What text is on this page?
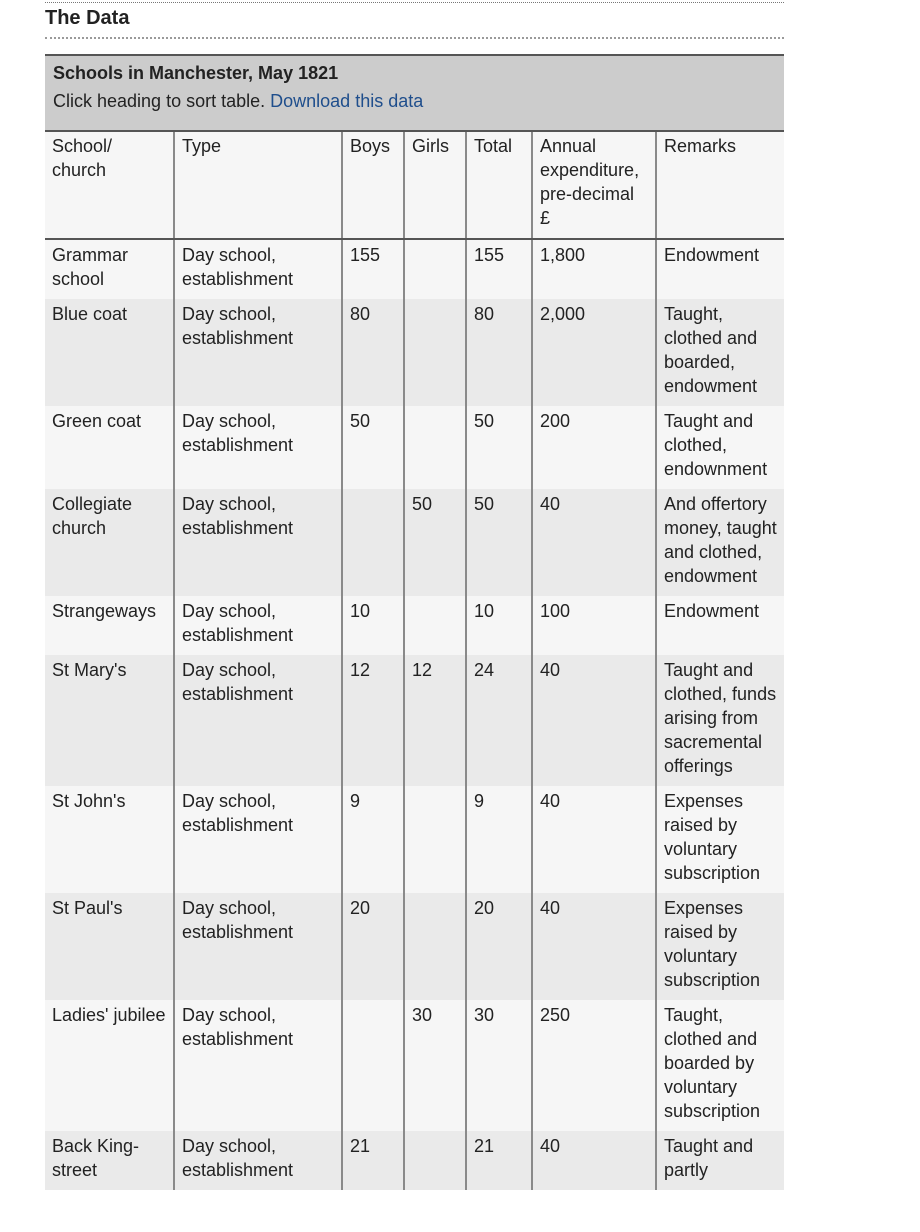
The Data
Schools in Manchester, May 1821
Click heading to sort table. Download this data
School/ church	Type	Boys	Girls	Total	Annual expenditure, pre-decimal £	Remarks
Grammar school	Day school, establishment	155		155	1,800	Endowment
Blue coat	Day school, establishment	80		80	2,000	Taught, clothed and boarded, endowment
Green coat	Day school, establishment	50		50	200	Taught and clothed, endownment
Collegiate church	Day school, establishment		50	50	40	And offertory money, taught and clothed, endowment
Strangeways	Day school, establishment	10		10	100	Endowment
St Mary's	Day school, establishment	12	12	24	40	Taught and clothed, funds arising from sacremental offerings
St John's	Day school, establishment	9		9	40	Expenses raised by voluntary subscription
St Paul's	Day school, establishment	20		20	40	Expenses raised by voluntary subscription
Ladies' jubilee	Day school, establishment		30	30	250	Taught, clothed and boarded by voluntary subscription
Back King-street	Day school, establishment	21		21	40	Taught and partly
